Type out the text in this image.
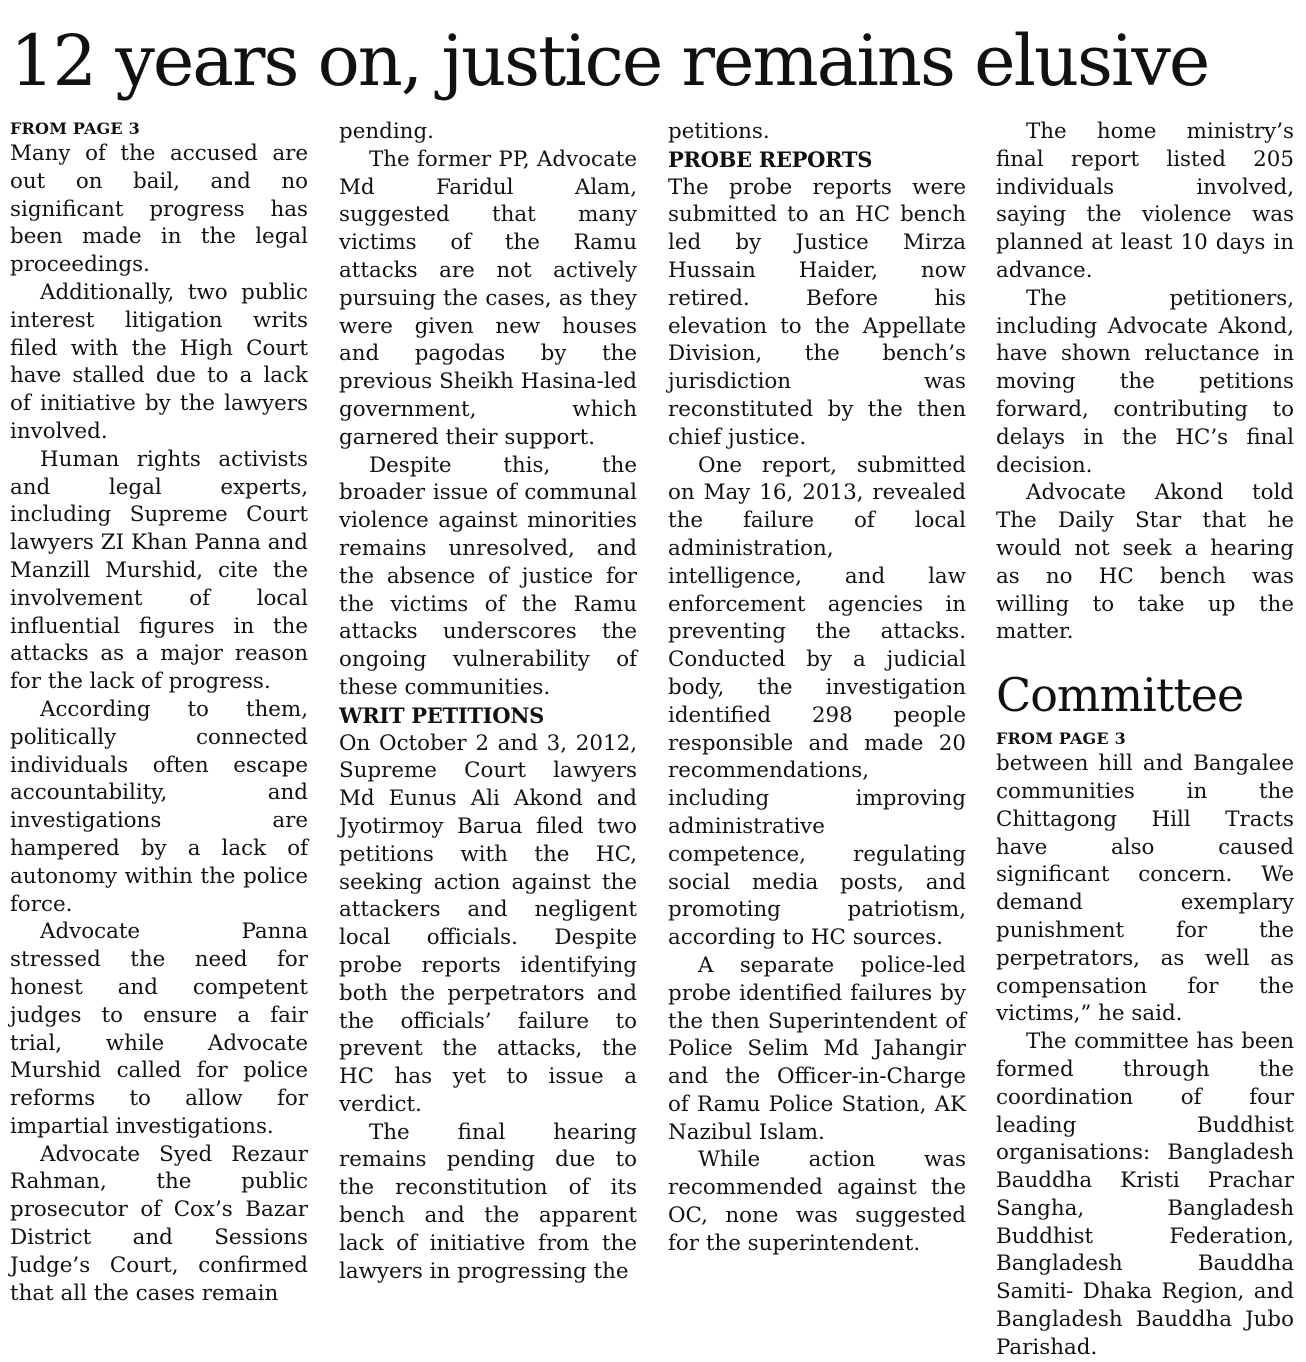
12 years on, justice remains elusive
FROM PAGE 3

Many of the accused are out on bail, and no significant progress has been made in the legal proceedings.

Additionally, two public interest litigation writs filed with the High Court have stalled due to a lack of initiative by the lawyers involved.

Human rights activists and legal experts, including Supreme Court lawyers ZI Khan Panna and Manzill Murshid, cite the involvement of local influential figures in the attacks as a major reason for the lack of progress.

According to them, politically connected individuals often escape accountability, and investigations are hampered by a lack of autonomy within the police force.

Advocate Panna stressed the need for honest and competent judges to ensure a fair trial, while Advocate Murshid called for police reforms to allow for impartial investigations.

Advocate Syed Rezaur Rahman, the public prosecutor of Cox’s Bazar District and Sessions Judge’s Court, confirmed that all the cases remain

pending.

The former PP, Advocate Md Faridul Alam, suggested that many victims of the Ramu attacks are not actively pursuing the cases, as they were given new houses and pagodas by the previous Sheikh Hasina-led government, which garnered their support.

Despite this, the broader issue of communal violence against minorities remains unresolved, and the absence of justice for the victims of the Ramu attacks underscores the ongoing vulnerability of these communities.

WRIT PETITIONS

On October 2 and 3, 2012, Supreme Court lawyers Md Eunus Ali Akond and Jyotirmoy Barua filed two petitions with the HC, seeking action against the attackers and negligent local officials. Despite probe reports identifying both the perpetrators and the officials’ failure to prevent the attacks, the HC has yet to issue a verdict.

The final hearing remains pending due to the reconstitution of its bench and the apparent lack of initiative from the lawyers in progressing the

petitions.

PROBE REPORTS

The probe reports were submitted to an HC bench led by Justice Mirza Hussain Haider, now retired. Before his elevation to the Appellate Division, the bench’s jurisdiction was reconstituted by the then chief justice.

One report, submitted on May 16, 2013, revealed the failure of local administration, intelligence, and law enforcement agencies in preventing the attacks. Conducted by a judicial body, the investigation identified 298 people responsible and made 20 recommendations, including improving administrative competence, regulating social media posts, and promoting patriotism, according to HC sources.

A separate police-led probe identified failures by the then Superintendent of Police Selim Md Jahangir and the Officer-in-Charge of Ramu Police Station, AK Nazibul Islam.

While action was recommended against the OC, none was suggested for the superintendent.

The home ministry’s final report listed 205 individuals involved, saying the violence was planned at least 10 days in advance.

The petitioners, including Advocate Akond, have shown reluctance in moving the petitions forward, contributing to delays in the HC’s final decision.

Advocate Akond told The Daily Star that he would not seek a hearing as no HC bench was willing to take up the matter.

Committee
FROM PAGE 3

between hill and Bangalee communities in the Chittagong Hill Tracts have also caused significant concern. We demand exemplary punishment for the perpetrators, as well as compensation for the victims,” he said.

The committee has been formed through the coordination of four leading Buddhist organisations: Bangladesh Bauddha Kristi Prachar Sangha, Bangladesh Buddhist Federation, Bangladesh Bauddha Samiti- Dhaka Region, and Bangladesh Bauddha Jubo Parishad.
